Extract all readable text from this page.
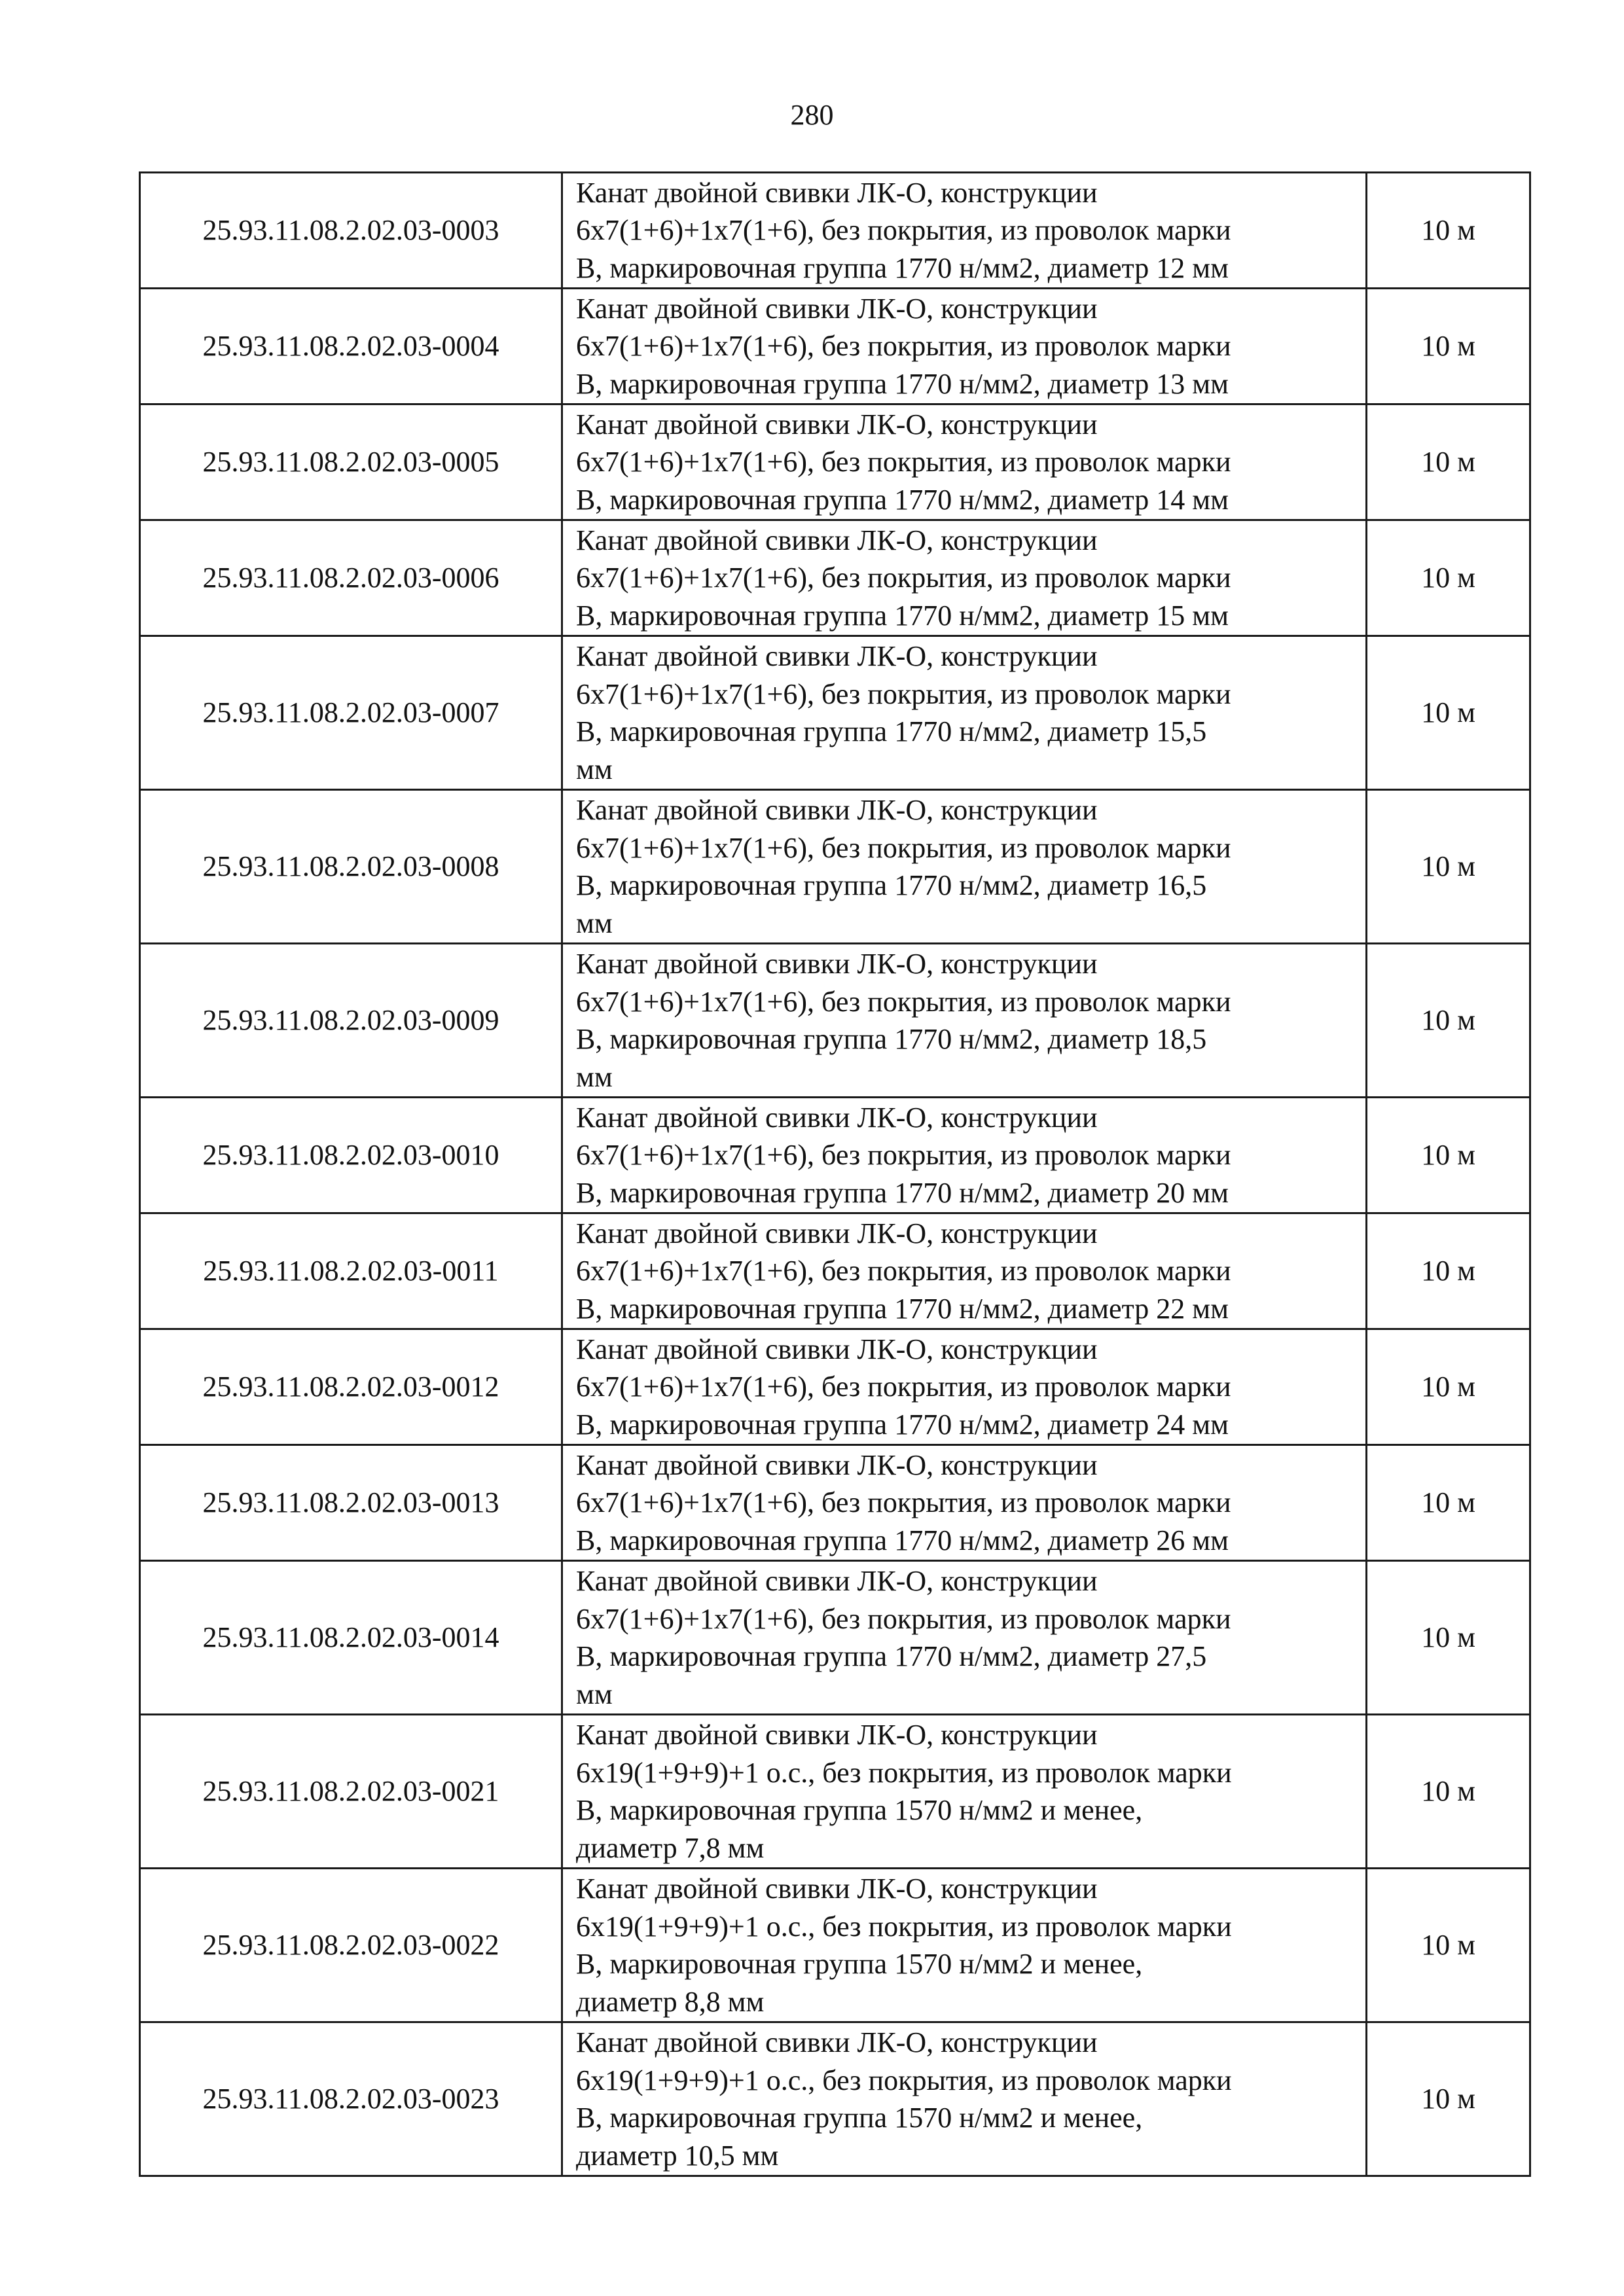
280
25.93.11.08.2.02.03-0003	Канат двойной свивки ЛК-О, конструкции
6х7(1+6)+1х7(1+6), без покрытия, из проволок марки
В, маркировочная группа 1770 н/мм2, диаметр 12 мм	10 м
25.93.11.08.2.02.03-0004	Канат двойной свивки ЛК-О, конструкции
6х7(1+6)+1х7(1+6), без покрытия, из проволок марки
В, маркировочная группа 1770 н/мм2, диаметр 13 мм	10 м
25.93.11.08.2.02.03-0005	Канат двойной свивки ЛК-О, конструкции
6х7(1+6)+1х7(1+6), без покрытия, из проволок марки
В, маркировочная группа 1770 н/мм2, диаметр 14 мм	10 м
25.93.11.08.2.02.03-0006	Канат двойной свивки ЛК-О, конструкции
6х7(1+6)+1х7(1+6), без покрытия, из проволок марки
В, маркировочная группа 1770 н/мм2, диаметр 15 мм	10 м
25.93.11.08.2.02.03-0007	Канат двойной свивки ЛК-О, конструкции
6х7(1+6)+1х7(1+6), без покрытия, из проволок марки
В, маркировочная группа 1770 н/мм2, диаметр 15,5
мм	10 м
25.93.11.08.2.02.03-0008	Канат двойной свивки ЛК-О, конструкции
6х7(1+6)+1х7(1+6), без покрытия, из проволок марки
В, маркировочная группа 1770 н/мм2, диаметр 16,5
мм	10 м
25.93.11.08.2.02.03-0009	Канат двойной свивки ЛК-О, конструкции
6х7(1+6)+1х7(1+6), без покрытия, из проволок марки
В, маркировочная группа 1770 н/мм2, диаметр 18,5
мм	10 м
25.93.11.08.2.02.03-0010	Канат двойной свивки ЛК-О, конструкции
6х7(1+6)+1х7(1+6), без покрытия, из проволок марки
В, маркировочная группа 1770 н/мм2, диаметр 20 мм	10 м
25.93.11.08.2.02.03-0011	Канат двойной свивки ЛК-О, конструкции
6х7(1+6)+1х7(1+6), без покрытия, из проволок марки
В, маркировочная группа 1770 н/мм2, диаметр 22 мм	10 м
25.93.11.08.2.02.03-0012	Канат двойной свивки ЛК-О, конструкции
6х7(1+6)+1х7(1+6), без покрытия, из проволок марки
В, маркировочная группа 1770 н/мм2, диаметр 24 мм	10 м
25.93.11.08.2.02.03-0013	Канат двойной свивки ЛК-О, конструкции
6х7(1+6)+1х7(1+6), без покрытия, из проволок марки
В, маркировочная группа 1770 н/мм2, диаметр 26 мм	10 м
25.93.11.08.2.02.03-0014	Канат двойной свивки ЛК-О, конструкции
6х7(1+6)+1х7(1+6), без покрытия, из проволок марки
В, маркировочная группа 1770 н/мм2, диаметр 27,5
мм	10 м
25.93.11.08.2.02.03-0021	Канат двойной свивки ЛК-О, конструкции
6х19(1+9+9)+1 о.с., без покрытия, из проволок марки
В, маркировочная группа 1570 н/мм2 и менее,
диаметр 7,8 мм	10 м
25.93.11.08.2.02.03-0022	Канат двойной свивки ЛК-О, конструкции
6х19(1+9+9)+1 о.с., без покрытия, из проволок марки
В, маркировочная группа 1570 н/мм2 и менее,
диаметр 8,8 мм	10 м
25.93.11.08.2.02.03-0023	Канат двойной свивки ЛК-О, конструкции
6х19(1+9+9)+1 о.с., без покрытия, из проволок марки
В, маркировочная группа 1570 н/мм2 и менее,
диаметр 10,5 мм	10 м
